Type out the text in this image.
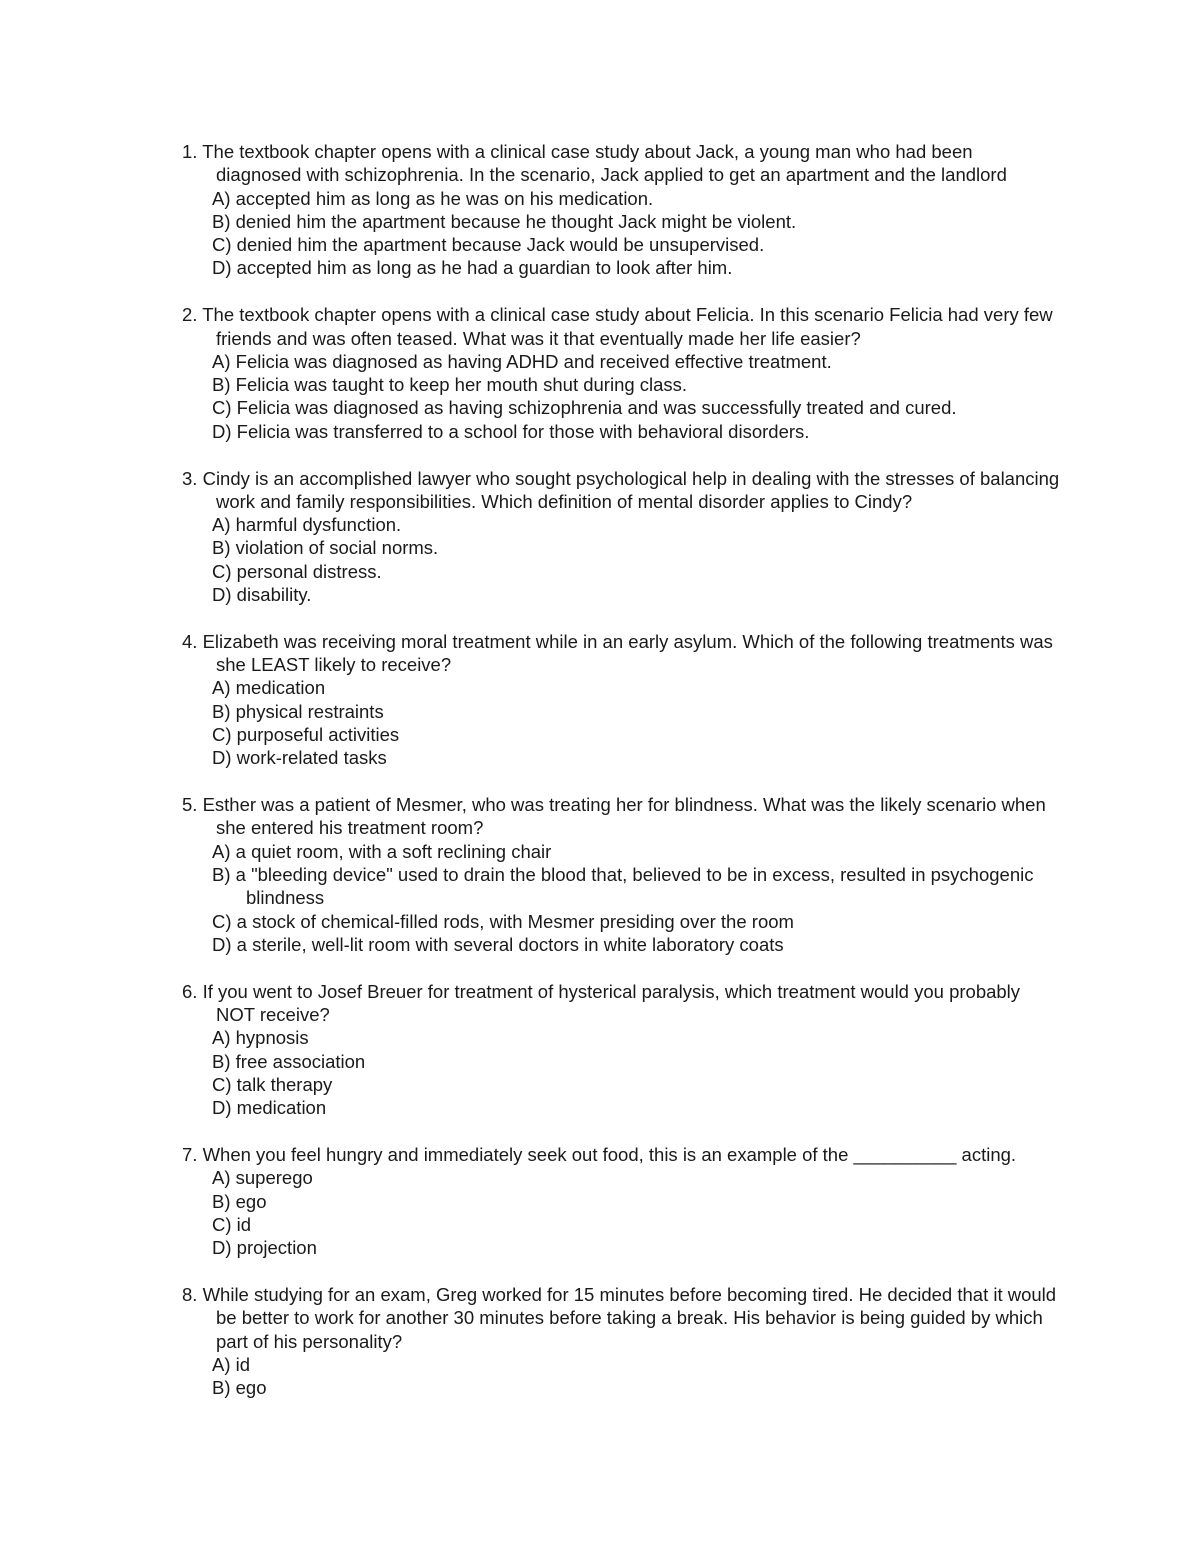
1. The textbook chapter opens with a clinical case study about Jack, a young man who had been diagnosed with schizophrenia. In the scenario, Jack applied to get an apartment and the landlord
A) accepted him as long as he was on his medication.
B) denied him the apartment because he thought Jack might be violent.
C) denied him the apartment because Jack would be unsupervised.
D) accepted him as long as he had a guardian to look after him.
2. The textbook chapter opens with a clinical case study about Felicia. In this scenario Felicia had very few friends and was often teased. What was it that eventually made her life easier?
A) Felicia was diagnosed as having ADHD and received effective treatment.
B) Felicia was taught to keep her mouth shut during class.
C) Felicia was diagnosed as having schizophrenia and was successfully treated and cured.
D) Felicia was transferred to a school for those with behavioral disorders.
3. Cindy is an accomplished lawyer who sought psychological help in dealing with the stresses of balancing work and family responsibilities. Which definition of mental disorder applies to Cindy?
A) harmful dysfunction.
B) violation of social norms.
C) personal distress.
D) disability.
4. Elizabeth was receiving moral treatment while in an early asylum. Which of the following treatments was she LEAST likely to receive?
A) medication
B) physical restraints
C) purposeful activities
D) work-related tasks
5. Esther was a patient of Mesmer, who was treating her for blindness. What was the likely scenario when she entered his treatment room?
A) a quiet room, with a soft reclining chair
B) a "bleeding device" used to drain the blood that, believed to be in excess, resulted in psychogenic blindness
C) a stock of chemical-filled rods, with Mesmer presiding over the room
D) a sterile, well-lit room with several doctors in white laboratory coats
6. If you went to Josef Breuer for treatment of hysterical paralysis, which treatment would you probably NOT receive?
A) hypnosis
B) free association
C) talk therapy
D) medication
7. When you feel hungry and immediately seek out food, this is an example of the __________ acting.
A) superego
B) ego
C) id
D) projection
8. While studying for an exam, Greg worked for 15 minutes before becoming tired. He decided that it would be better to work for another 30 minutes before taking a break. His behavior is being guided by which part of his personality?
A) id
B) ego
